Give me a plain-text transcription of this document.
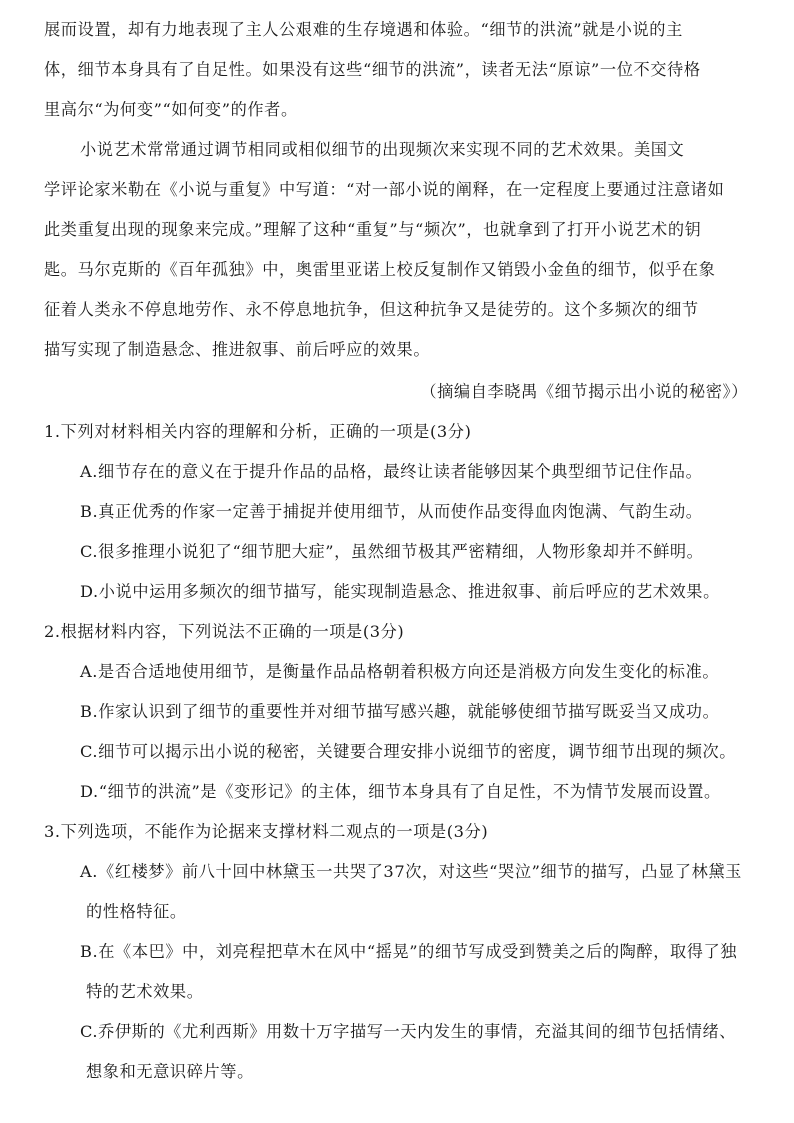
展而设置，却有力地表现了主人公艰难的生存境遇和体验。“细节的洪流”就是小说的主
体，细节本身具有了自足性。如果没有这些“细节的洪流”，读者无法“原谅”一位不交待格
里高尔“为何变”“如何变”的作者。
小说艺术常常通过调节相同或相似细节的出现频次来实现不同的艺术效果。美国文
学评论家米勒在《小说与重复》中写道：“对一部小说的阐释，在一定程度上要通过注意诸如
此类重复出现的现象来完成。”理解了这种“重复”与“频次”，也就拿到了打开小说艺术的钥
匙。马尔克斯的《百年孤独》中，奥雷里亚诺上校反复制作又销毁小金鱼的细节，似乎在象
征着人类永不停息地劳作、永不停息地抗争，但这种抗争又是徒劳的。这个多频次的细节
描写实现了制造悬念、推进叙事、前后呼应的效果。
（摘编自李晓禺《细节揭示出小说的秘密》）
1.下列对材料相关内容的理解和分析，正确的一项是(3分)
A.细节存在的意义在于提升作品的品格，最终让读者能够因某个典型细节记住作品。
B.真正优秀的作家一定善于捕捉并使用细节，从而使作品变得血肉饱满、气韵生动。
C.很多推理小说犯了“细节肥大症”，虽然细节极其严密精细，人物形象却并不鲜明。
D.小说中运用多频次的细节描写，能实现制造悬念、推进叙事、前后呼应的艺术效果。
2.根据材料内容，下列说法不正确的一项是(3分)
A.是否合适地使用细节，是衡量作品品格朝着积极方向还是消极方向发生变化的标准。
B.作家认识到了细节的重要性并对细节描写感兴趣，就能够使细节描写既妥当又成功。
C.细节可以揭示出小说的秘密，关键要合理安排小说细节的密度，调节细节出现的频次。
D.“细节的洪流”是《变形记》的主体，细节本身具有了自足性，不为情节发展而设置。
3.下列选项，不能作为论据来支撑材料二观点的一项是(3分)
A.《红楼梦》前八十回中林黛玉一共哭了37次，对这些“哭泣”细节的描写，凸显了林黛玉
的性格特征。
B.在《本巴》中，刘亮程把草木在风中“摇晃”的细节写成受到赞美之后的陶醉，取得了独
特的艺术效果。
C.乔伊斯的《尤利西斯》用数十万字描写一天内发生的事情，充溢其间的细节包括情绪、
想象和无意识碎片等。
